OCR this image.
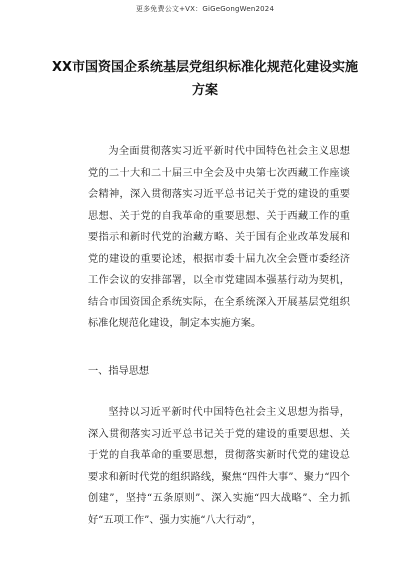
更多免费公文+VX：GiGeGongWen2024
XX市国资国企系统基层党组织标准化规范化建设实施方案
为全面贯彻落实习近平新时代中国特色社会主义思想党的二十大和二十届三中全会及中央第七次西藏工作座谈会精神，深入贯彻落实习近平总书记关于党的建设的重要思想、关于党的自我革命的重要思想、关于西藏工作的重要指示和新时代党的治藏方略、关于国有企业改革发展和党的建设的重要论述，根据市委十届九次全会暨市委经济工作会议的安排部署，以全市党建固本强基行动为契机，结合市国资国企系统实际，在全系统深入开展基层党组织标准化规范化建设，制定本实施方案。
一、指导思想
坚持以习近平新时代中国特色社会主义思想为指导，深入贯彻落实习近平总书记关于党的建设的重要思想、关于党的自我革命的重要思想，贯彻落实新时代党的建设总要求和新时代党的组织路线，聚焦“四件大事”、聚力“四个创建”，坚持“五条原则”、深入实施“四大战略”、全力抓好“五项工作”、强力实施“八大行动”，
